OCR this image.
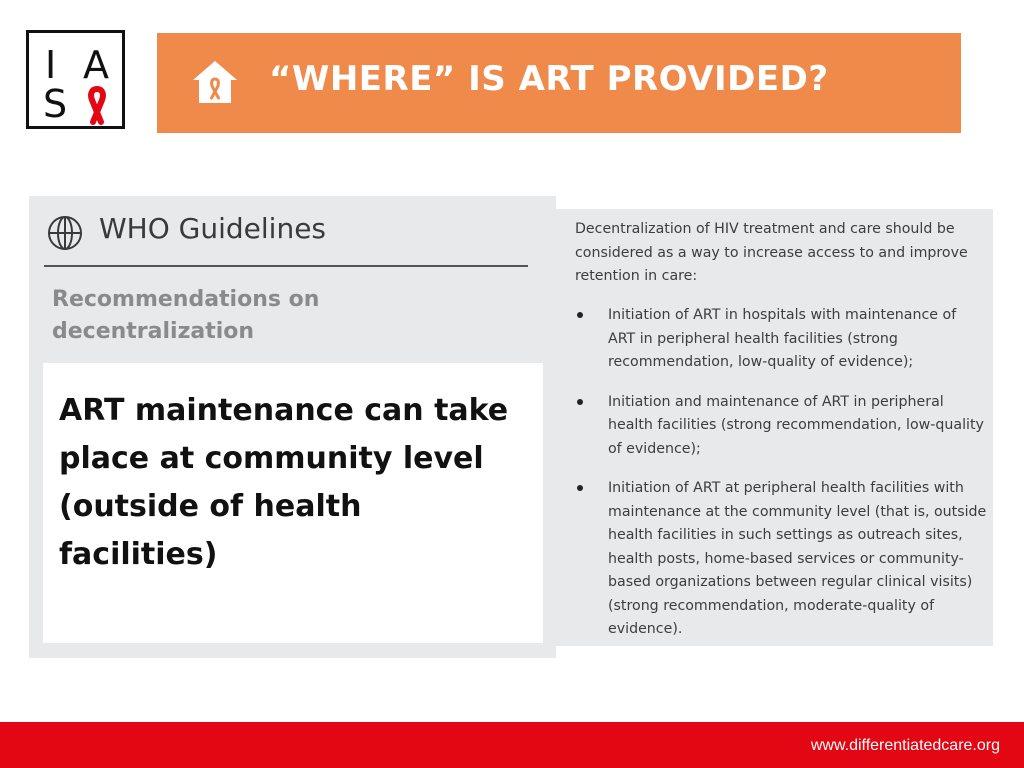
I A
S
“WHERE” IS ART PROVIDED?
WHO Guidelines
Recommendations on decentralization
ART maintenance can take place at community level (outside of health facilities)
Decentralization of HIV treatment and care should be considered as a way to increase access to and improve retention in care:
Initiation of ART in hospitals with maintenance of ART in peripheral health facilities (strong recommendation, low-quality of evidence);
Initiation and maintenance of ART in peripheral health facilities (strong recommendation, low-quality of evidence);
Initiation of ART at peripheral health facilities with maintenance at the community level (that is, outside health facilities in such settings as outreach sites, health posts, home-based services or community-based organizations between regular clinical visits) (strong recommendation, moderate-quality of evidence).
www.differentiatedcare.org
